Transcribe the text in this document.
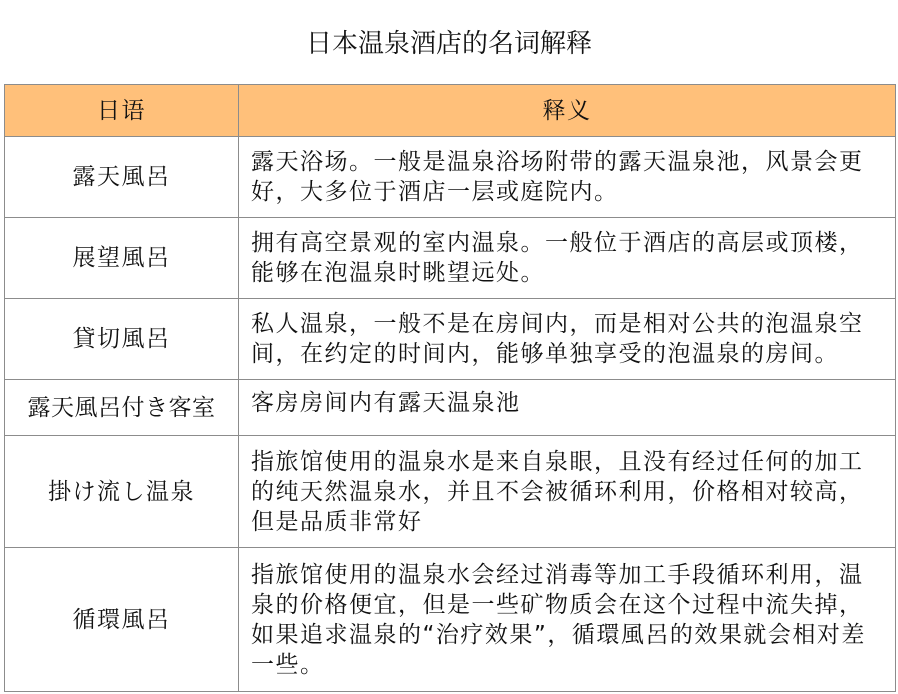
日本温泉酒店的名词解释
日语	释义
露天風呂	露天浴场。一般是温泉浴场附带的露天温泉池，风景会更好，大多位于酒店一层或庭院内。
展望風呂	拥有高空景观的室内温泉。一般位于酒店的高层或顶楼，能够在泡温泉时眺望远处。
貸切風呂	私人温泉，一般不是在房间内，而是相对公共的泡温泉空间，在约定的时间内，能够单独享受的泡温泉的房间。
露天風呂付き客室	客房房间内有露天温泉池
掛け流し温泉	指旅馆使用的温泉水是来自泉眼，且没有经过任何的加工的纯天然温泉水，并且不会被循环利用，价格相对较高，但是品质非常好
循環風呂	指旅馆使用的温泉水会经过消毒等加工手段循环利用，温泉的价格便宜，但是一些矿物质会在这个过程中流失掉，如果追求温泉的“治疗效果”，循環風呂的效果就会相对差一些。
